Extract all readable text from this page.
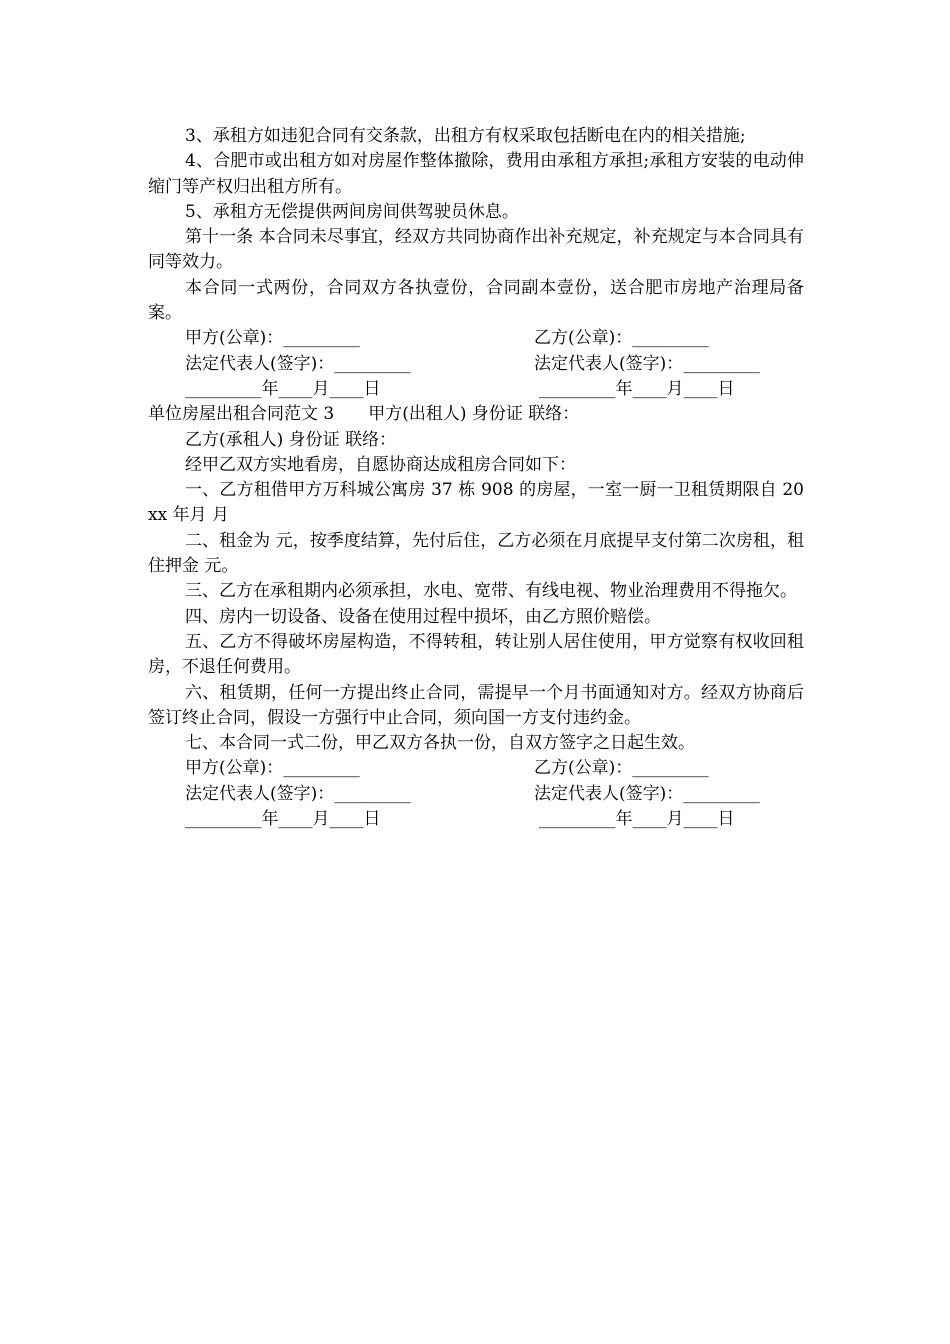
3、承租方如违犯合同有交条款，出租方有权采取包括断电在内的相关措施;

4、合肥市或出租方如对房屋作整体撤除，费用由承租方承担;承租方安装的电动伸缩门等产权归出租方所有。

5、承租方无偿提供两间房间供驾驶员休息。

第十一条 本合同未尽事宜，经双方共同协商作出补充规定，补充规定与本合同具有同等效力。

本合同一式两份，合同双方各执壹份，合同副本壹份，送合肥市房地产治理局备案。

甲方(公章)：_________	乙方(公章)：_________
法定代表人(签字)：_________	法定代表人(签字)：_________
_________年____月____日	_________年____月____日

单位房屋出租合同范文 3 甲方(出租人) 身份证 联络：

乙方(承租人) 身份证 联络：

经甲乙双方实地看房，自愿协商达成租房合同如下：

一、乙方租借甲方万科城公寓房 37 栋 908 的房屋，一室一厨一卫租赁期限自 20xx 年月 月

二、租金为 元，按季度结算，先付后住，乙方必须在月底提早支付第二次房租，租住押金 元。

三、乙方在承租期内必须承担，水电、宽带、有线电视、物业治理费用不得拖欠。

四、房内一切设备、设备在使用过程中损坏，由乙方照价赔偿。

五、乙方不得破坏房屋构造，不得转租，转让别人居住使用，甲方觉察有权收回租房，不退任何费用。

六、租赁期，任何一方提出终止合同，需提早一个月书面通知对方。经双方协商后签订终止合同，假设一方强行中止合同，须向国一方支付违约金。

七、本合同一式二份，甲乙双方各执一份，自双方签字之日起生效。

甲方(公章)：_________	乙方(公章)：_________
法定代表人(签字)：_________	法定代表人(签字)：_________
_________年____月____日	_________年____月____日
